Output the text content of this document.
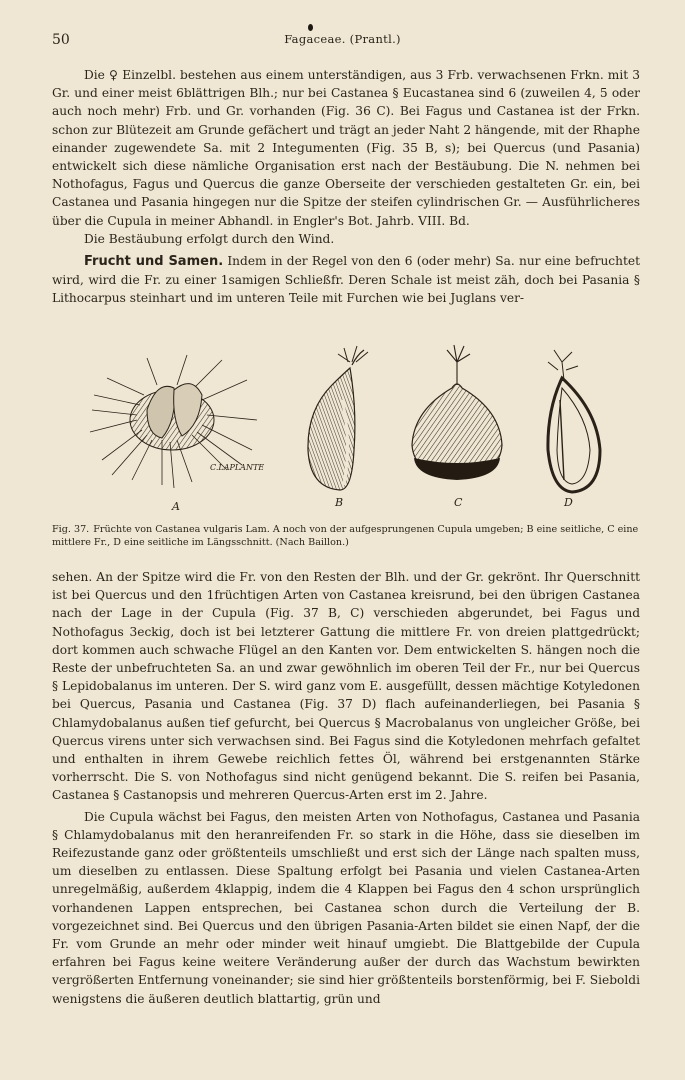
50	Fagaceae. (Prantl.)

Die ♀ Einzelbl. bestehen aus einem unterständigen, aus 3 Frb. verwachsenen Frkn. mit 3 Gr. und einer meist 6blättrigen Blh.; nur bei Castanea § Eucastanea sind 6 (zuweilen 4, 5 oder auch noch mehr) Frb. und Gr. vorhanden (Fig. 36 C). Bei Fagus und Castanea ist der Frkn. schon zur Blütezeit am Grunde gefächert und trägt an jeder Naht 2 hängende, mit der Rhaphe einander zugewendete Sa. mit 2 Integumenten (Fig. 35 B, s); bei Quercus (und Pasania) entwickelt sich diese nämliche Organisation erst nach der Bestäubung. Die N. nehmen bei Nothofagus, Fagus und Quercus die ganze Oberseite der verschieden gestalteten Gr. ein, bei Castanea und Pasania hingegen nur die Spitze der steifen cylindrischen Gr. — Ausführlicheres über die Cupula in meiner Abhandl. in Engler's Bot. Jahrb. VIII. Bd.

Die Bestäubung erfolgt durch den Wind.

Frucht und Samen. Indem in der Regel von den 6 (oder mehr) Sa. nur eine befruchtet wird, wird die Fr. zu einer 1samigen Schließfr. Deren Schale ist meist zäh, doch bei Pasania § Lithocarpus steinhart und im unteren Teile mit Furchen wie bei Juglans ver-

C.LAPLANTE
A	B	C	D
Fig. 37. Früchte von Castanea vulgaris Lam. A noch von der aufgesprungenen Cupula umgeben; B eine seitliche, C eine mittlere Fr., D eine seitliche im Längsschnitt. (Nach Baillon.)

sehen. An der Spitze wird die Fr. von den Resten der Blh. und der Gr. gekrönt. Ihr Querschnitt ist bei Quercus und den 1früchtigen Arten von Castanea kreisrund, bei den übrigen Castanea nach der Lage in der Cupula (Fig. 37 B, C) verschieden abgerundet, bei Fagus und Nothofagus 3eckig, doch ist bei letzterer Gattung die mittlere Fr. von dreien plattgedrückt; dort kommen auch schwache Flügel an den Kanten vor. Dem entwickelten S. hängen noch die Reste der unbefruchteten Sa. an und zwar gewöhnlich im oberen Teil der Fr., nur bei Quercus § Lepidobalanus im unteren. Der S. wird ganz vom E. ausgefüllt, dessen mächtige Kotyledonen bei Quercus, Pasania und Castanea (Fig. 37 D) flach aufeinanderliegen, bei Pasania § Chlamydobalanus außen tief gefurcht, bei Quercus § Macrobalanus von ungleicher Größe, bei Quercus virens unter sich verwachsen sind. Bei Fagus sind die Kotyledonen mehrfach gefaltet und enthalten in ihrem Gewebe reichlich fettes Öl, während bei erstgenannten Stärke vorherrscht. Die S. von Nothofagus sind nicht genügend bekannt. Die S. reifen bei Pasania, Castanea § Castanopsis und mehreren Quercus-Arten erst im 2. Jahre.

Die Cupula wächst bei Fagus, den meisten Arten von Nothofagus, Castanea und Pasania § Chlamydobalanus mit den heranreifenden Fr. so stark in die Höhe, dass sie dieselben im Reifezustande ganz oder größtenteils umschließt und erst sich der Länge nach spalten muss, um dieselben zu entlassen. Diese Spaltung erfolgt bei Pasania und vielen Castanea-Arten unregelmäßig, außerdem 4klappig, indem die 4 Klappen bei Fagus den 4 schon ursprünglich vorhandenen Lappen entsprechen, bei Castanea schon durch die Verteilung der B. vorgezeichnet sind. Bei Quercus und den übrigen Pasania-Arten bildet sie einen Napf, der die Fr. vom Grunde an mehr oder minder weit hinauf umgiebt. Die Blattgebilde der Cupula erfahren bei Fagus keine weitere Veränderung außer der durch das Wachstum bewirkten vergrößerten Entfernung voneinander; sie sind hier größtenteils borstenförmig, bei F. Sieboldi wenigstens die äußeren deutlich blattartig, grün und
